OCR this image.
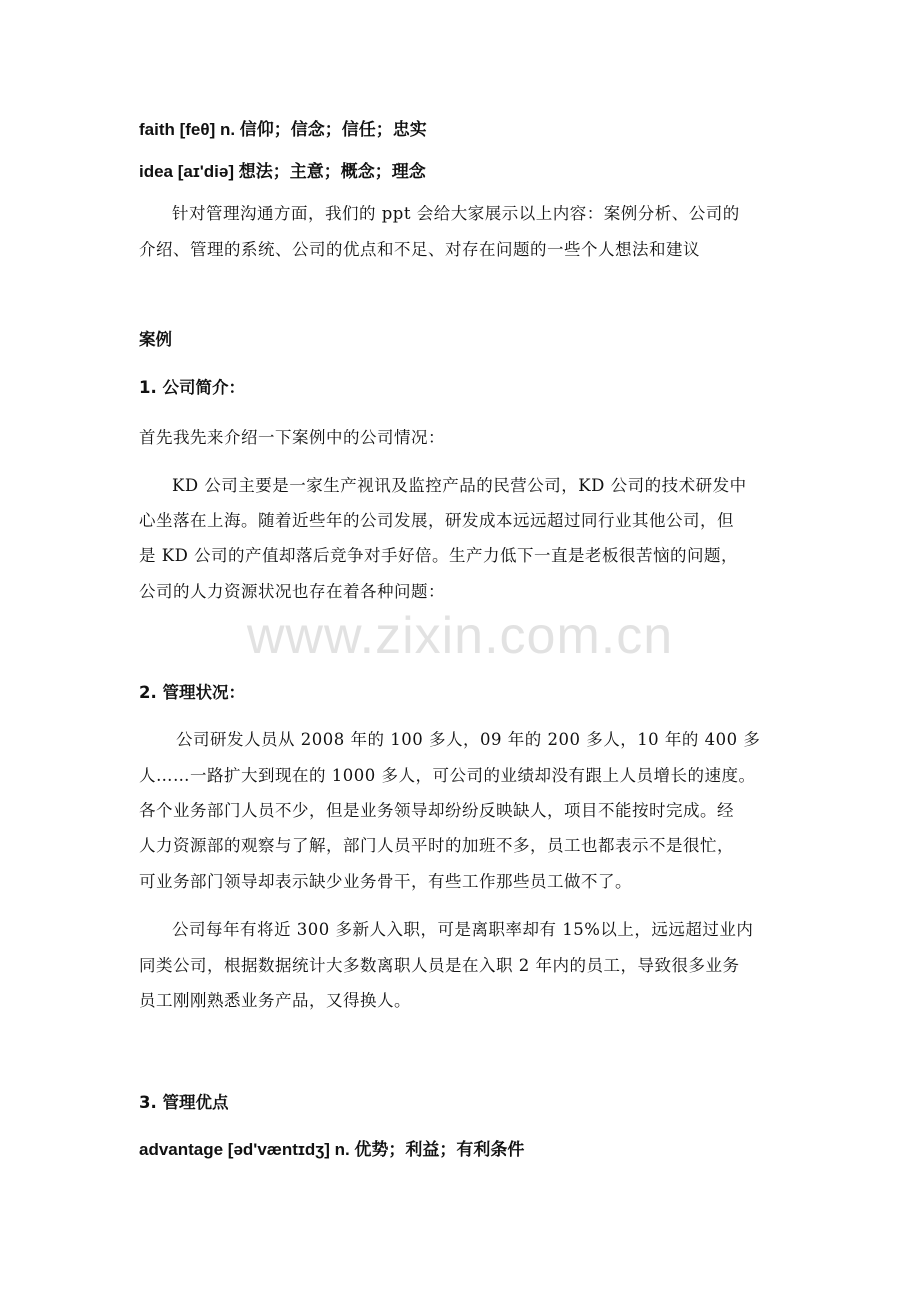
faith [feθ] n. 信仰；信念；信任；忠实
idea [aɪ'diə] 想法；主意；概念；理念
针对管理沟通方面，我们的 ppt 会给大家展示以上内容：案例分析、公司的
介绍、管理的系统、公司的优点和不足、对存在问题的一些个人想法和建议
案例
1. 公司简介：
首先我先来介绍一下案例中的公司情况：
KD 公司主要是一家生产视讯及监控产品的民营公司，KD 公司的技术研发中
心坐落在上海。随着近些年的公司发展，研发成本远远超过同行业其他公司，但
是 KD 公司的产值却落后竞争对手好倍。生产力低下一直是老板很苦恼的问题，
公司的人力资源状况也存在着各种问题：
www.zixin.com.cn
2. 管理状况：
公司研发人员从 2008 年的 100 多人，09 年的 200 多人，10 年的 400 多
人……一路扩大到现在的 1000 多人，可公司的业绩却没有跟上人员增长的速度。
各个业务部门人员不少，但是业务领导却纷纷反映缺人，项目不能按时完成。经
人力资源部的观察与了解，部门人员平时的加班不多，员工也都表示不是很忙，
可业务部门领导却表示缺少业务骨干，有些工作那些员工做不了。
公司每年有将近 300 多新人入职，可是离职率却有 15%以上，远远超过业内
同类公司，根据数据统计大多数离职人员是在入职 2 年内的员工，导致很多业务
员工刚刚熟悉业务产品，又得换人。
3. 管理优点
advantage [əd'væntɪdʒ] n. 优势；利益；有利条件
